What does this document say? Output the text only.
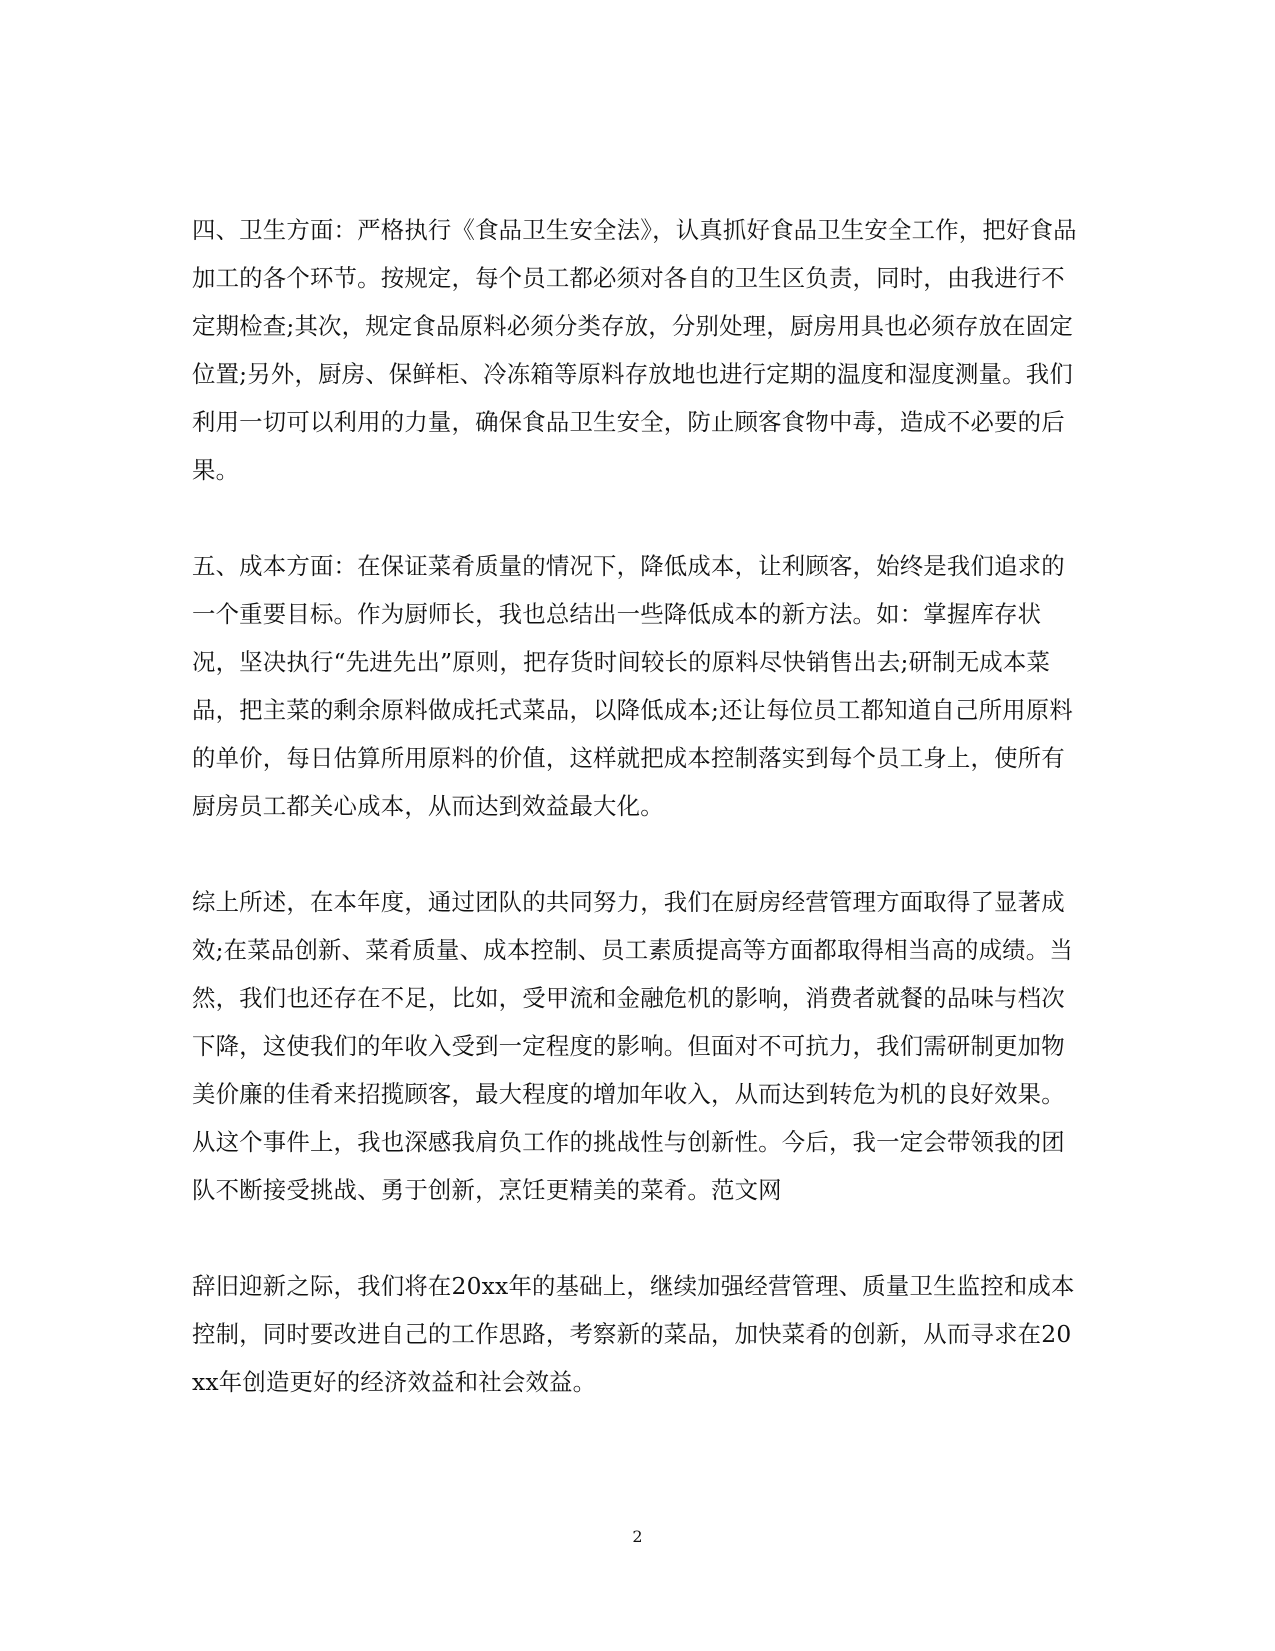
四、卫生方面：严格执行《食品卫生安全法》，认真抓好食品卫生安全工作，把好食品加工的各个环节。按规定，每个员工都必须对各自的卫生区负责，同时，由我进行不定期检查;其次，规定食品原料必须分类存放，分别处理，厨房用具也必须存放在固定位置;另外，厨房、保鲜柜、冷冻箱等原料存放地也进行定期的温度和湿度测量。我们利用一切可以利用的力量，确保食品卫生安全，防止顾客食物中毒，造成不必要的后果。

五、成本方面：在保证菜肴质量的情况下，降低成本，让利顾客，始终是我们追求的一个重要目标。作为厨师长，我也总结出一些降低成本的新方法。如：掌握库存状况，坚决执行“先进先出”原则，把存货时间较长的原料尽快销售出去;研制无成本菜品，把主菜的剩余原料做成托式菜品，以降低成本;还让每位员工都知道自己所用原料的单价，每日估算所用原料的价值，这样就把成本控制落实到每个员工身上，使所有厨房员工都关心成本，从而达到效益最大化。

综上所述，在本年度，通过团队的共同努力，我们在厨房经营管理方面取得了显著成效;在菜品创新、菜肴质量、成本控制、员工素质提高等方面都取得相当高的成绩。当然，我们也还存在不足，比如，受甲流和金融危机的影响，消费者就餐的品味与档次下降，这使我们的年收入受到一定程度的影响。但面对不可抗力，我们需研制更加物美价廉的佳肴来招揽顾客，最大程度的增加年收入，从而达到转危为机的良好效果。从这个事件上，我也深感我肩负工作的挑战性与创新性。今后，我一定会带领我的团队不断接受挑战、勇于创新，烹饪更精美的菜肴。范文网

辞旧迎新之际，我们将在20xx年的基础上，继续加强经营管理、质量卫生监控和成本控制，同时要改进自己的工作思路，考察新的菜品，加快菜肴的创新，从而寻求在20xx年创造更好的经济效益和社会效益。

2
